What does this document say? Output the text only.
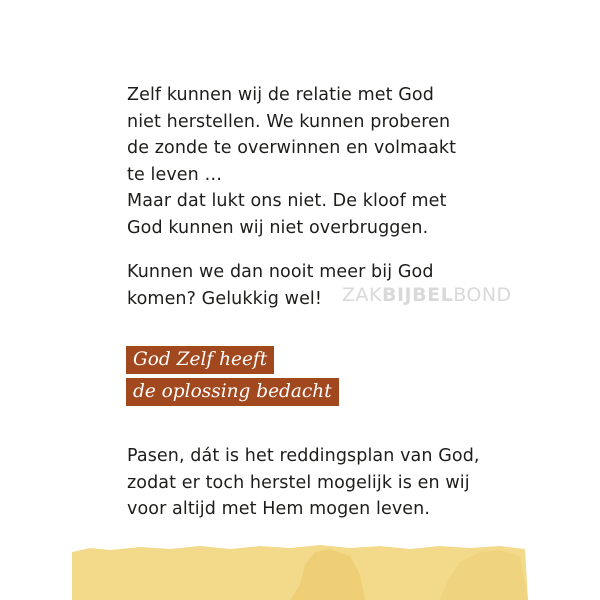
Zelf kunnen wij de relatie met God
niet herstellen. We kunnen proberen
de zonde te overwinnen en volmaakt
te leven …
Maar dat lukt ons niet. De kloof met
God kunnen wij niet overbruggen.

Kunnen we dan nooit meer bij God
komen? Gelukkig wel!	ZAKBIJBELBOND
God Zelf heeft
de oplossing bedacht

Pasen, dát is het reddingsplan van God,
zodat er toch herstel mogelijk is en wij
voor altijd met Hem mogen leven.
